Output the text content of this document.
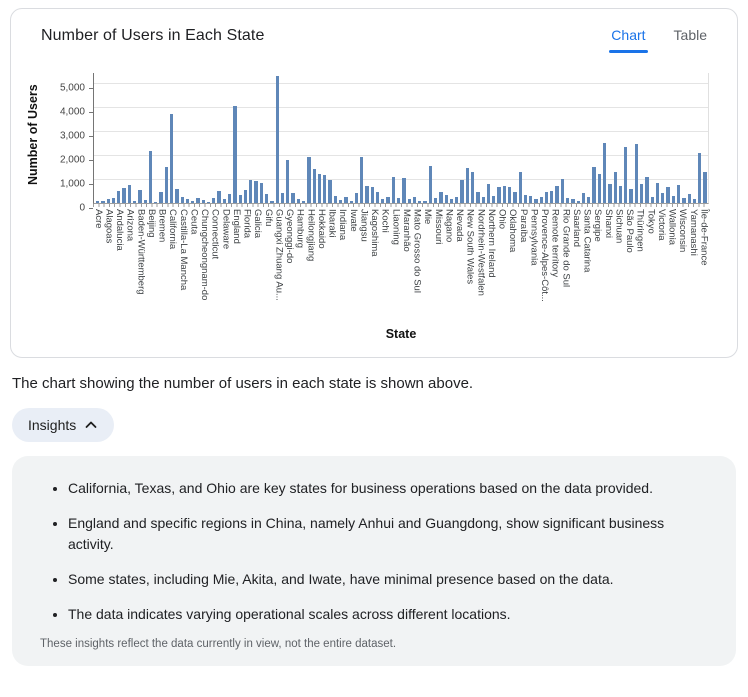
Number of Users in Each State	Chart Table
Number of Users
0
1,000
2,000
3,000
4,000
5,000
Acre Alagoas Andalucia Arizona Baden-Württemberg Beijing Bremen California Castilla-La Mancha Ceuta Chungcheongnam-do Connecticut Delaware England Florida Galicia Gifu Guangxi Zhuang Au... Gyeonggi-do Hamburg Heilongjiang Hokkaido Ibaraki Indiana Iwate Jiangsu Kagoshima Kochi Liaoning Maranhão Mato Grosso do Sul Mie Missouri Nagano Nevada New South Wales Nordrhein-Westfalen Northern Ireland Ohio Oklahoma Paraíba Pennsylvania Provence-Alpes-Côt... Remote territory Rio Grande do Sul Saarland Santa Catarina Sergipe Shanxi Sichuan São Paulo Thüringen Tokyo Victoria Wallonia Wisconsin Yamanashi Île-de-France
State

The chart showing the number of users in each state is shown above.

Insights
• California, Texas, and Ohio are key states for business operations based on the data provided.
• England and specific regions in China, namely Anhui and Guangdong, show significant business activity.
• Some states, including Mie, Akita, and Iwate, have minimal presence based on the data.
• The data indicates varying operational scales across different locations.
These insights reflect the data currently in view, not the entire dataset.
